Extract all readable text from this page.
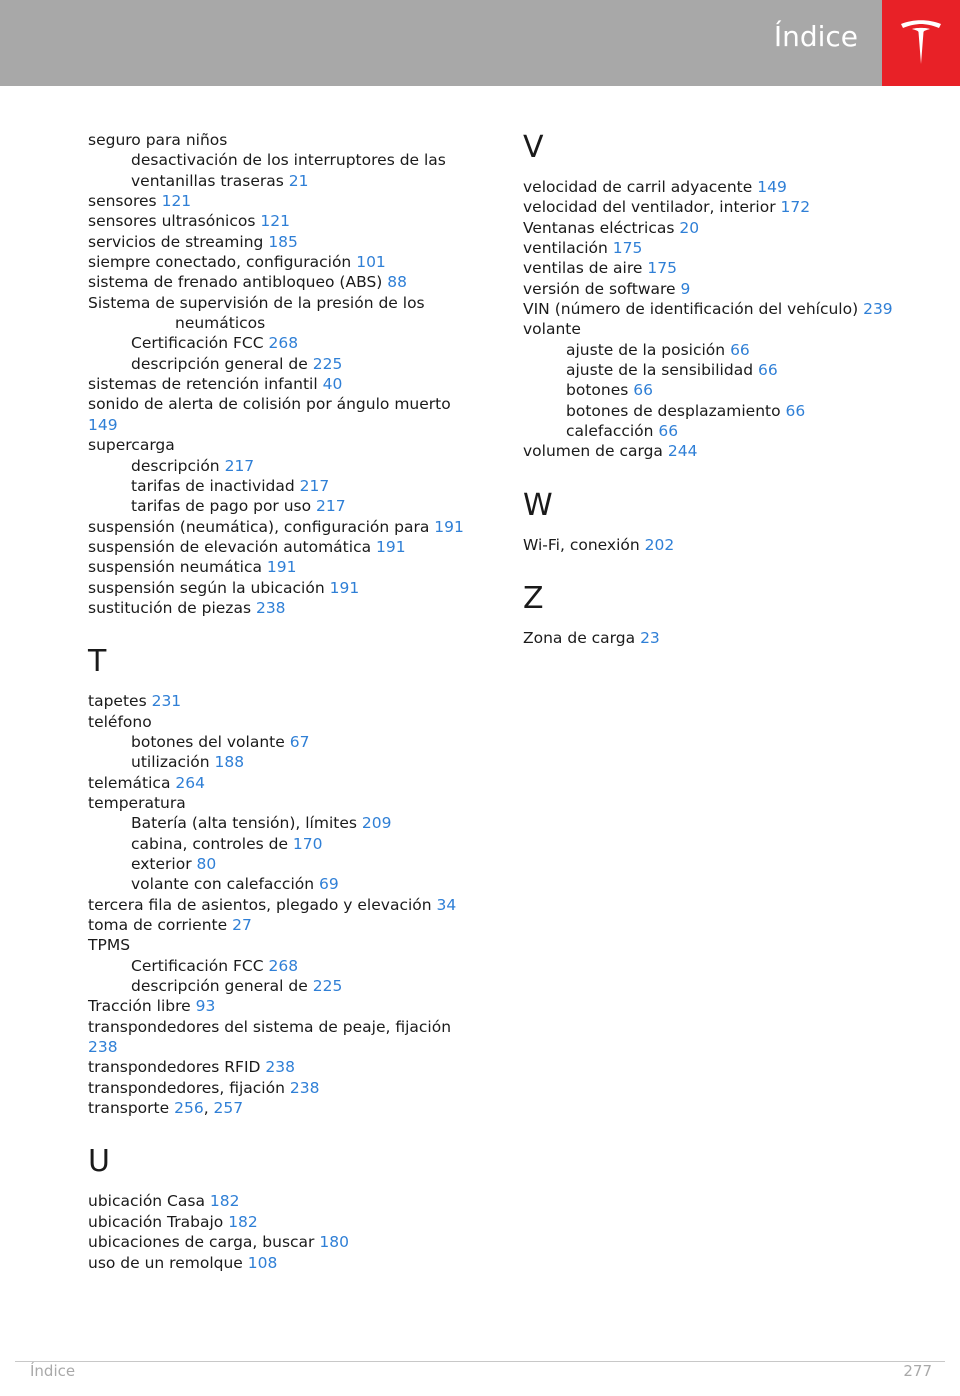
Índice
seguro para niños
desactivación de los interruptores de las ventanillas traseras 21
sensores 121
sensores ultrasónicos 121
servicios de streaming 185
siempre conectado, configuración 101
sistema de frenado antibloqueo (ABS) 88
Sistema de supervisión de la presión de los
neumáticos
Certificación FCC 268
descripción general de 225
sistemas de retención infantil 40
sonido de alerta de colisión por ángulo muerto 149
supercarga
descripción 217
tarifas de inactividad 217
tarifas de pago por uso 217
suspensión (neumática), configuración para 191
suspensión de elevación automática 191
suspensión neumática 191
suspensión según la ubicación 191
sustitución de piezas 238
T
tapetes 231
teléfono
botones del volante 67
utilización 188
telemática 264
temperatura
Batería (alta tensión), límites 209
cabina, controles de 170
exterior 80
volante con calefacción 69
tercera fila de asientos, plegado y elevación 34
toma de corriente 27
TPMS
Certificación FCC 268
descripción general de 225
Tracción libre 93
transpondedores del sistema de peaje, fijación 238
transpondedores RFID 238
transpondedores, fijación 238
transporte 256, 257
U
ubicación Casa 182
ubicación Trabajo 182
ubicaciones de carga, buscar 180
uso de un remolque 108
V
velocidad de carril adyacente 149
velocidad del ventilador, interior 172
Ventanas eléctricas 20
ventilación 175
ventilas de aire 175
versión de software 9
VIN (número de identificación del vehículo) 239
volante
ajuste de la posición 66
ajuste de la sensibilidad 66
botones 66
botones de desplazamiento 66
calefacción 66
volumen de carga 244
W
Wi-Fi, conexión 202
Z
Zona de carga 23
Índice	277
